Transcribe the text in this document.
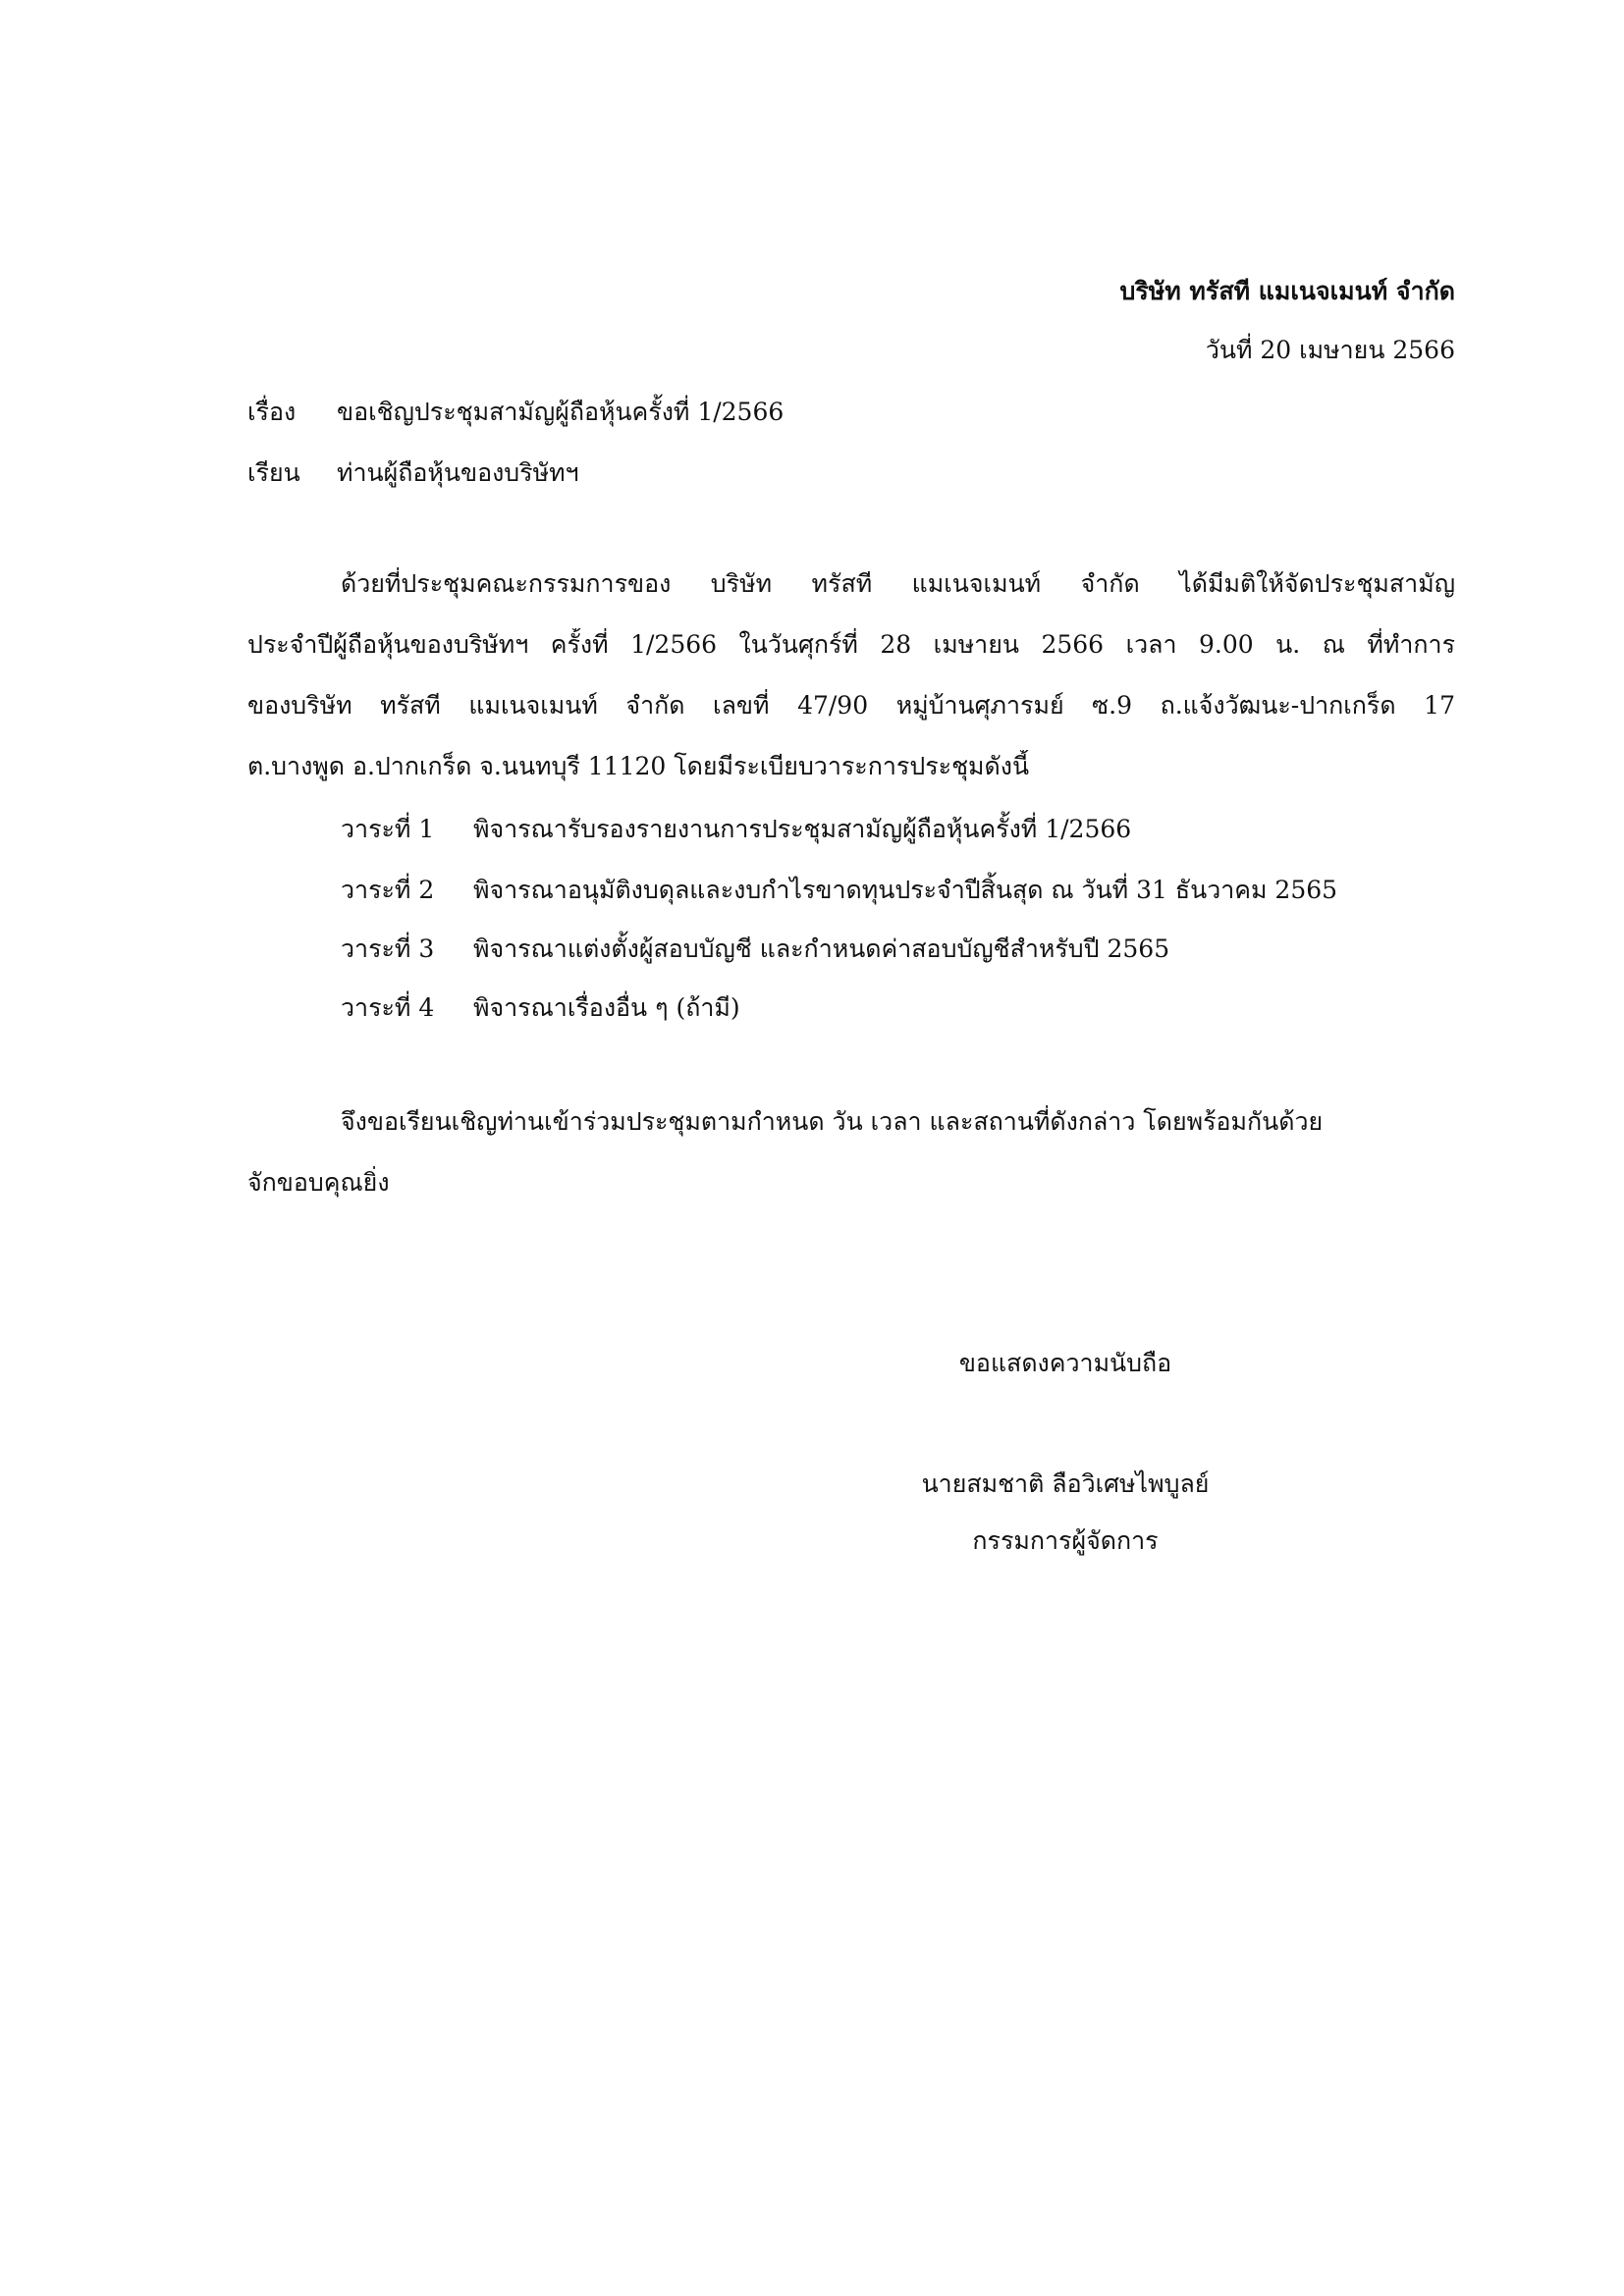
บริษัท ทรัสที แมเนจเมนท์ จำกัด
วันที่ 20 เมษายน 2566
เรื่อง ขอเชิญประชุมสามัญผู้ถือหุ้นครั้งที่ 1/2566
เรียน ท่านผู้ถือหุ้นของบริษัทฯ
ด้วยที่ประชุมคณะกรรมการของ บริษัท ทรัสที แมเนจเมนท์ จำกัด ได้มีมติให้จัดประชุมสามัญ
ประจำปีผู้ถือหุ้นของบริษัทฯ ครั้งที่ 1/2566 ในวันศุกร์ที่ 28 เมษายน 2566 เวลา 9.00 น. ณ ที่ทำการ
ของบริษัท ทรัสที แมเนจเมนท์ จำกัด เลขที่ 47/90 หมู่บ้านศุภารมย์ ซ.9 ถ.แจ้งวัฒนะ-ปากเกร็ด 17
ต.บางพูด อ.ปากเกร็ด จ.นนทบุรี 11120 โดยมีระเบียบวาระการประชุมดังนี้
วาระที่ 1 พิจารณารับรองรายงานการประชุมสามัญผู้ถือหุ้นครั้งที่ 1/2566
วาระที่ 2 พิจารณาอนุมัติงบดุลและงบกำไรขาดทุนประจำปีสิ้นสุด ณ วันที่ 31 ธันวาคม 2565
วาระที่ 3 พิจารณาแต่งตั้งผู้สอบบัญชี และกำหนดค่าสอบบัญชีสำหรับปี 2565
วาระที่ 4 พิจารณาเรื่องอื่น ๆ (ถ้ามี)
จึงขอเรียนเชิญท่านเข้าร่วมประชุมตามกำหนด วัน เวลา และสถานที่ดังกล่าว โดยพร้อมกันด้วย
จักขอบคุณยิ่ง
ขอแสดงความนับถือ
นายสมชาติ ลือวิเศษไพบูลย์
กรรมการผู้จัดการ
